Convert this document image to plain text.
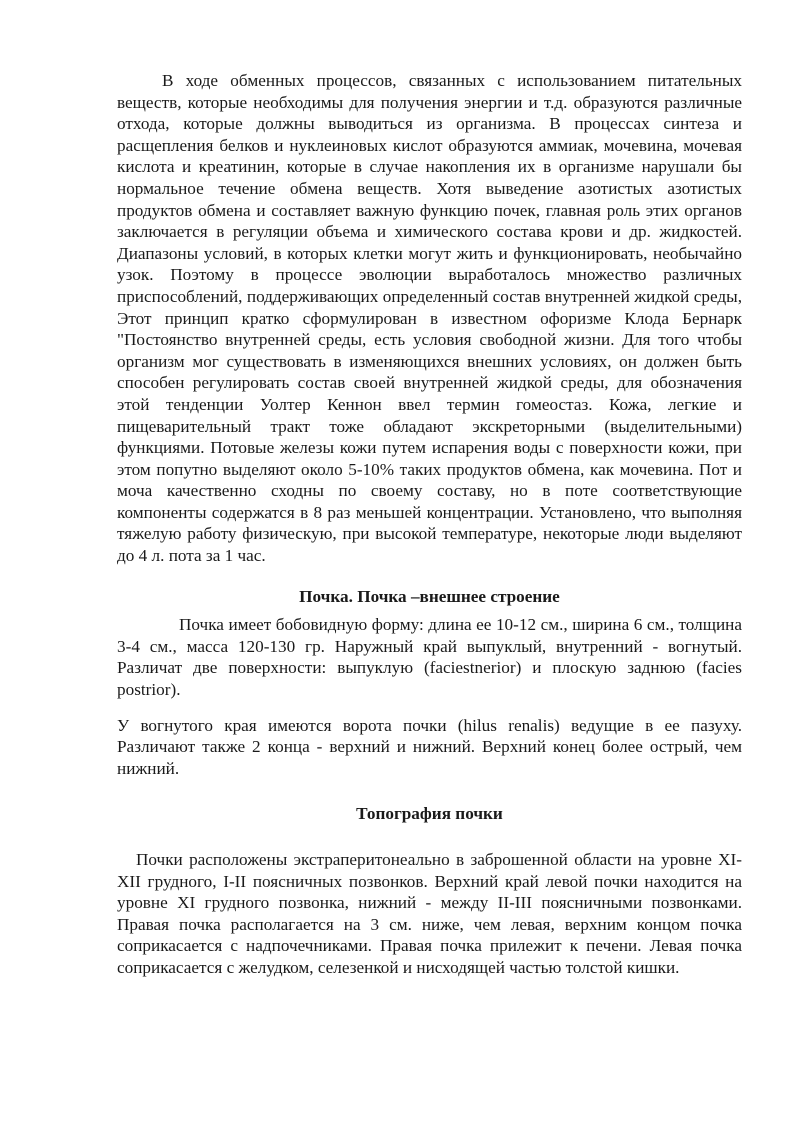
В ходе обменных процессов, связанных с использованием питательных веществ, которые необходимы для получения энергии и т.д. образуются различные отхода, которые должны выводиться из организма. В процессах синтеза и расщепления белков и нуклеиновых кислот образуются аммиак, мочевина, мочевая кислота и креатинин, которые в случае накопления их в организме нарушали бы нормальное течение обмена веществ. Хотя выведение азотистых азотистых продуктов обмена и составляет важную функцию почек, главная роль этих органов заключается в регуляции объема и химического состава крови и др. жидкостей. Диапазоны условий, в которых клетки могут жить и функционировать, необычайно узок. Поэтому в процессе эволюции выработалось множество различных приспособлений, поддерживающих определенный состав внутренней жидкой среды, Этот принцип кратко сформулирован в известном офоризме Клода Бернарк "Постоянство внутренней среды, есть условия свободной жизни. Для того чтобы организм мог существовать в изменяющихся внешних условиях, он должен быть способен регулировать состав своей внутренней жидкой среды, для обозначения этой тенденции Уолтер Кеннон ввел термин гомеостаз. Кожа, легкие и пищеварительный тракт тоже обладают экскреторными (выделительными) функциями. Потовые железы кожи путем испарения воды с поверхности кожи, при этом попутно выделяют около 5-10% таких продуктов обмена, как мочевина. Пот и моча качественно сходны по своему составу, но в поте соответствующие компоненты содержатся в 8 раз меньшей концентрации. Установлено, что выполняя тяжелую работу физическую, при высокой температуре, некоторые люди выделяют до 4 л. пота за 1 час.

Почка. Почка –внешнее строение

Почка имеет бобовидную форму: длина ее 10-12 см., ширина 6 см., толщина 3-4 см., масса 120-130 гр. Наружный край выпуклый, внутренний - вогнутый. Различат две поверхности: выпуклую (faciestnerior) и плоскую заднюю (facies postrior).

У вогнутого края имеются ворота почки (hilus renalis) ведущие в ее пазуху. Различают также 2 конца - верхний и нижний. Верхний конец более острый, чем нижний.

Топография почки

Почки расположены экстраперитонеально в заброшенной области на уровне XI-XII грудного, I-II поясничных позвонков. Верхний край левой почки находится на уровне XI грудного позвонка, нижний - между II-III поясничными позвонками. Правая почка располагается на 3 см. ниже, чем левая, верхним концом почка соприкасается с надпочечниками. Правая почка прилежит к печени. Левая почка соприкасается с желудком, селезенкой и нисходящей частью толстой кишки.
